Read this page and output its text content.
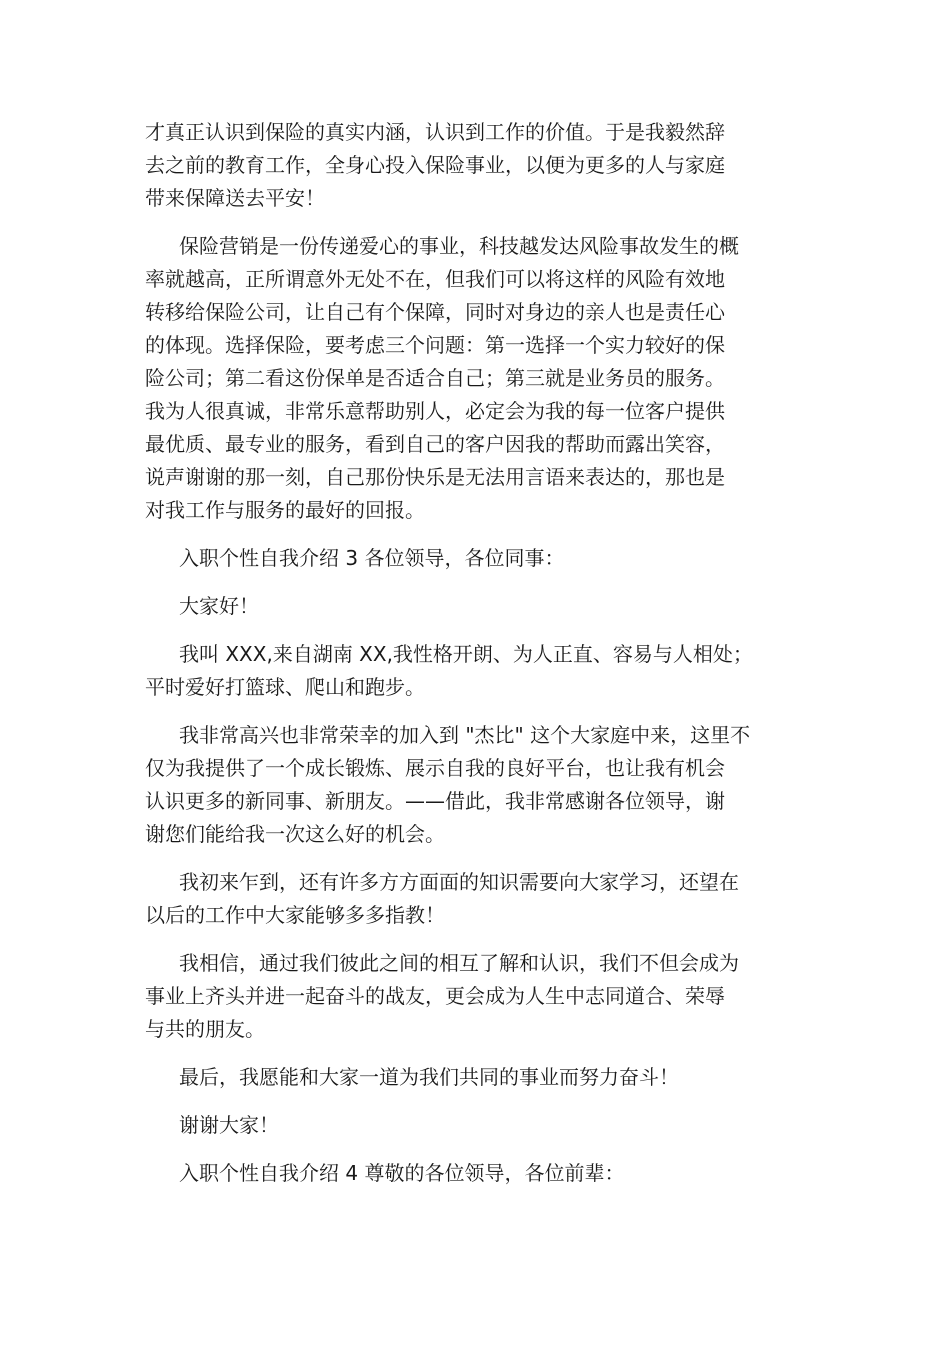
才真正认识到保险的真实内涵，认识到工作的价值。于是我毅然辞
去之前的教育工作，全身心投入保险事业，以便为更多的人与家庭
带来保障送去平安！
保险营销是一份传递爱心的事业，科技越发达风险事故发生的概
率就越高，正所谓意外无处不在，但我们可以将这样的风险有效地
转移给保险公司，让自己有个保障，同时对身边的亲人也是责任心
的体现。选择保险，要考虑三个问题：第一选择一个实力较好的保
险公司；第二看这份保单是否适合自己；第三就是业务员的服务。
我为人很真诚，非常乐意帮助别人，必定会为我的每一位客户提供
最优质、最专业的服务，看到自己的客户因我的帮助而露出笑容，
说声谢谢的那一刻，自己那份快乐是无法用言语来表达的，那也是
对我工作与服务的最好的回报。
入职个性自我介绍 3 各位领导，各位同事：
大家好！
我叫 XXX,来自湖南 XX,我性格开朗、为人正直、容易与人相处；
平时爱好打篮球、爬山和跑步。
我非常高兴也非常荣幸的加入到 "杰比" 这个大家庭中来，这里不
仅为我提供了一个成长锻炼、展示自我的良好平台，也让我有机会
认识更多的新同事、新朋友。——借此，我非常感谢各位领导，谢
谢您们能给我一次这么好的机会。
我初来乍到，还有许多方方面面的知识需要向大家学习，还望在
以后的工作中大家能够多多指教！
我相信，通过我们彼此之间的相互了解和认识，我们不但会成为
事业上齐头并进一起奋斗的战友，更会成为人生中志同道合、荣辱
与共的朋友。
最后，我愿能和大家一道为我们共同的事业而努力奋斗！
谢谢大家！
入职个性自我介绍 4 尊敬的各位领导，各位前辈：
